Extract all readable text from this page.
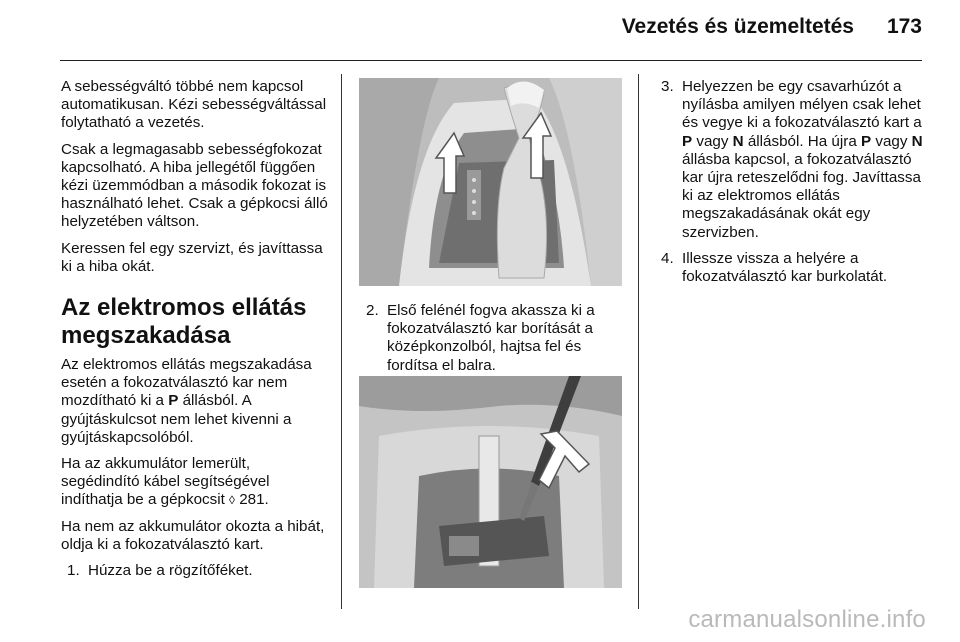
Vezetés és üzemeltetés 173

A sebességváltó többé nem kapcsol automatikusan. Kézi sebességváltással folytatható a vezetés.

Csak a legmagasabb sebességfokozat kapcsolható. A hiba jellegétől függően kézi üzemmódban a második fokozat is használható lehet. Csak a gépkocsi álló helyzetében váltson.

Keressen fel egy szervizt, és javíttassa ki a hiba okát.

Az elektromos ellátás megszakadása

Az elektromos ellátás megszakadása esetén a fokozatválasztó kar nem mozdítható ki a P állásból. A gyújtáskulcsot nem lehet kivenni a gyújtáskapcsolóból.

Ha az akkumulátor lemerült, segédindító kábel segítségével indíthatja be a gépkocsit ◊ 281.

Ha nem az akkumulátor okozta a hibát, oldja ki a fokozatválasztó kart.

1. Húzza be a rögzítőféket.
2. Első felénél fogva akassza ki a fokozatválasztó kar borítását a középkonzolból, hajtsa fel és fordítsa el balra.
3. Helyezzen be egy csavarhúzót a nyílásba amilyen mélyen csak lehet és vegye ki a fokozatválasztó kart a P vagy N állásból. Ha újra P vagy N állásba kapcsol, a fokozatválasztó kar újra reteszelődni fog. Javíttassa ki az elektromos ellátás megszakadásának okát egy szervizben.
4. Illessze vissza a helyére a fokozatválasztó kar burkolatát.
carmanualsonline.info
